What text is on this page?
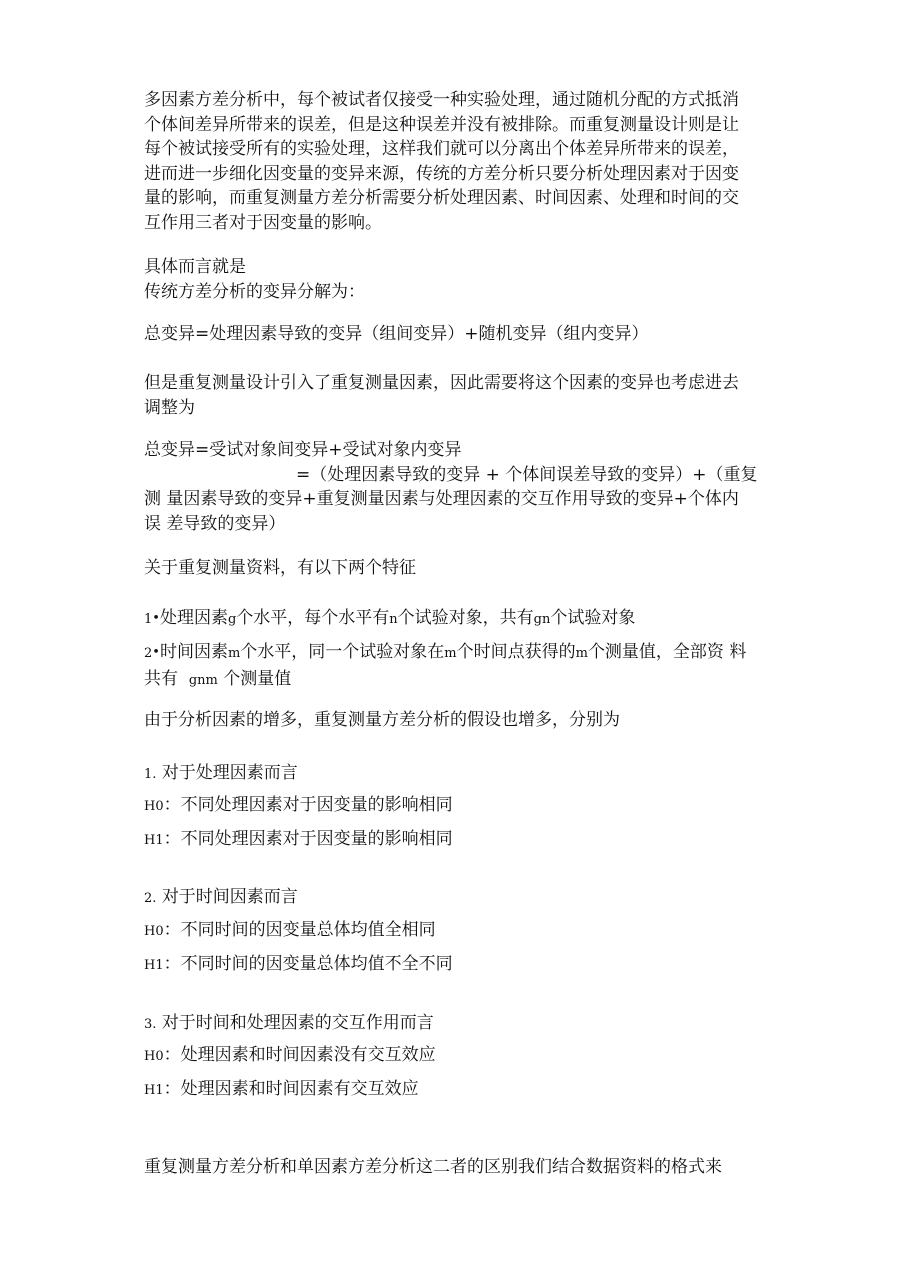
多因素方差分析中，每个被试者仅接受一种实验处理，通过随机分配的方式抵消
个体间差异所带来的误差，但是这种误差并没有被排除。而重复测量设计则是让
每个被试接受所有的实验处理，这样我们就可以分离出个体差异所带来的误差，
进而进一步细化因变量的变异来源，传统的方差分析只要分析处理因素对于因变
量的影响，而重复测量方差分析需要分析处理因素、时间因素、处理和时间的交
互作用三者对于因变量的影响。

具体而言就是
传统方差分析的变异分解为：

总变异=处理因素导致的变异（组间变异）+随机变异（组内变异）

但是重复测量设计引入了重复测量因素，因此需要将这个因素的变异也考虑进去
调整为

总变异=受试对象间变异+受试对象内变异
=（处理因素导致的变异 + 个体间误差导致的变异）+（重复
测 量因素导致的变异+重复测量因素与处理因素的交互作用导致的变异+个体内
误 差导致的变异）

关于重复测量资料，有以下两个特征

1•处理因素g个水平，每个水平有n个试验对象，共有gn个试验对象

2•时间因素m个水平，同一个试验对象在m个时间点获得的m个测量值，全部资 料
共有  gnm 个测量值

由于分析因素的增多，重复测量方差分析的假设也增多，分别为

1. 对于处理因素而言

H0：不同处理因素对于因变量的影响相同

H1：不同处理因素对于因变量的影响相同

2. 对于时间因素而言

H0：不同时间的因变量总体均值全相同

H1：不同时间的因变量总体均值不全不同

3. 对于时间和处理因素的交互作用而言

H0：处理因素和时间因素没有交互效应

H1：处理因素和时间因素有交互效应

重复测量方差分析和单因素方差分析这二者的区别我们结合数据资料的格式来
